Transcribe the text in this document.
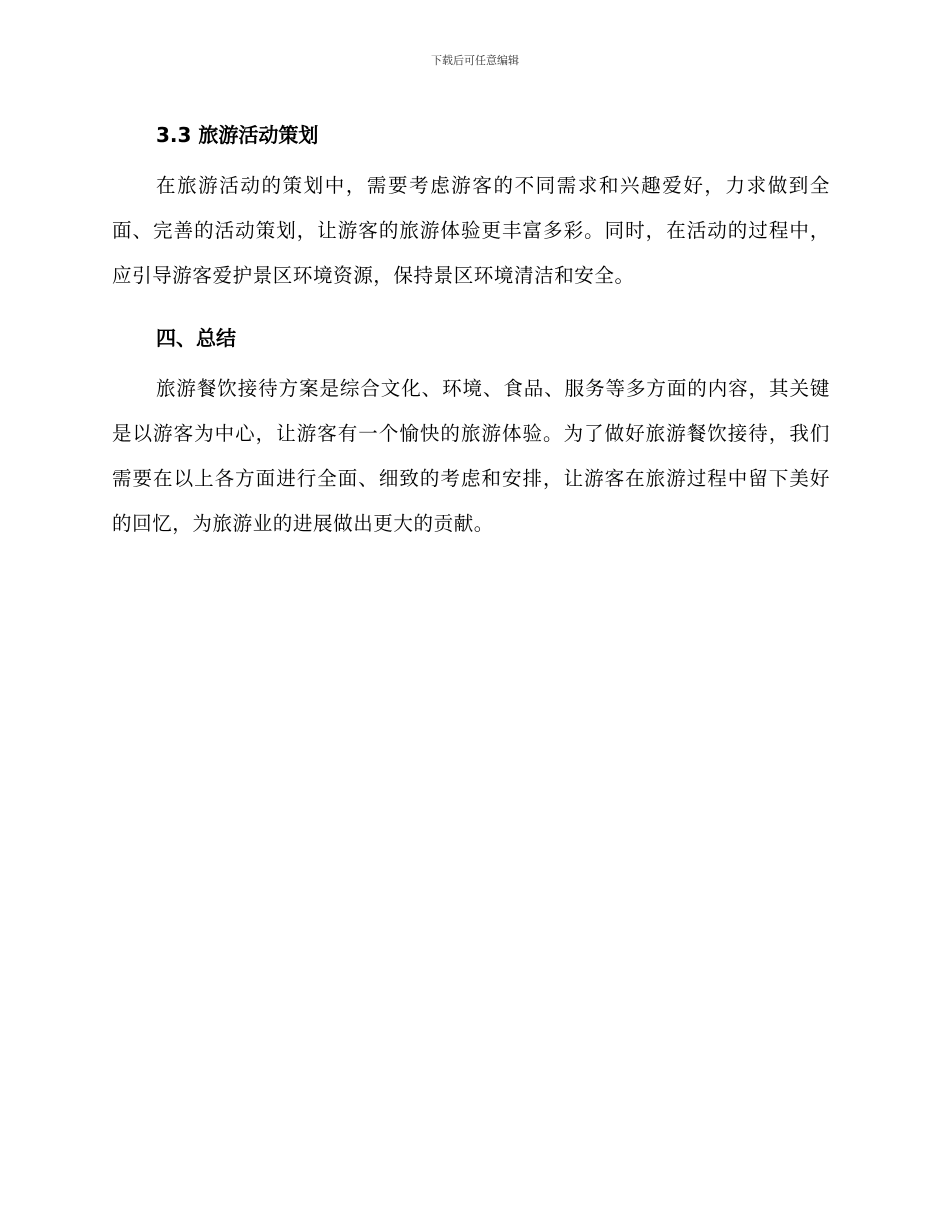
下载后可任意编辑
3.3 旅游活动策划

在旅游活动的策划中，需要考虑游客的不同需求和兴趣爱好，力求做到全面、完善的活动策划，让游客的旅游体验更丰富多彩。同时，在活动的过程中，应引导游客爱护景区环境资源，保持景区环境清洁和安全。

四、总结

旅游餐饮接待方案是综合文化、环境、食品、服务等多方面的内容，其关键是以游客为中心，让游客有一个愉快的旅游体验。为了做好旅游餐饮接待，我们需要在以上各方面进行全面、细致的考虑和安排，让游客在旅游过程中留下美好的回忆，为旅游业的进展做出更大的贡献。
